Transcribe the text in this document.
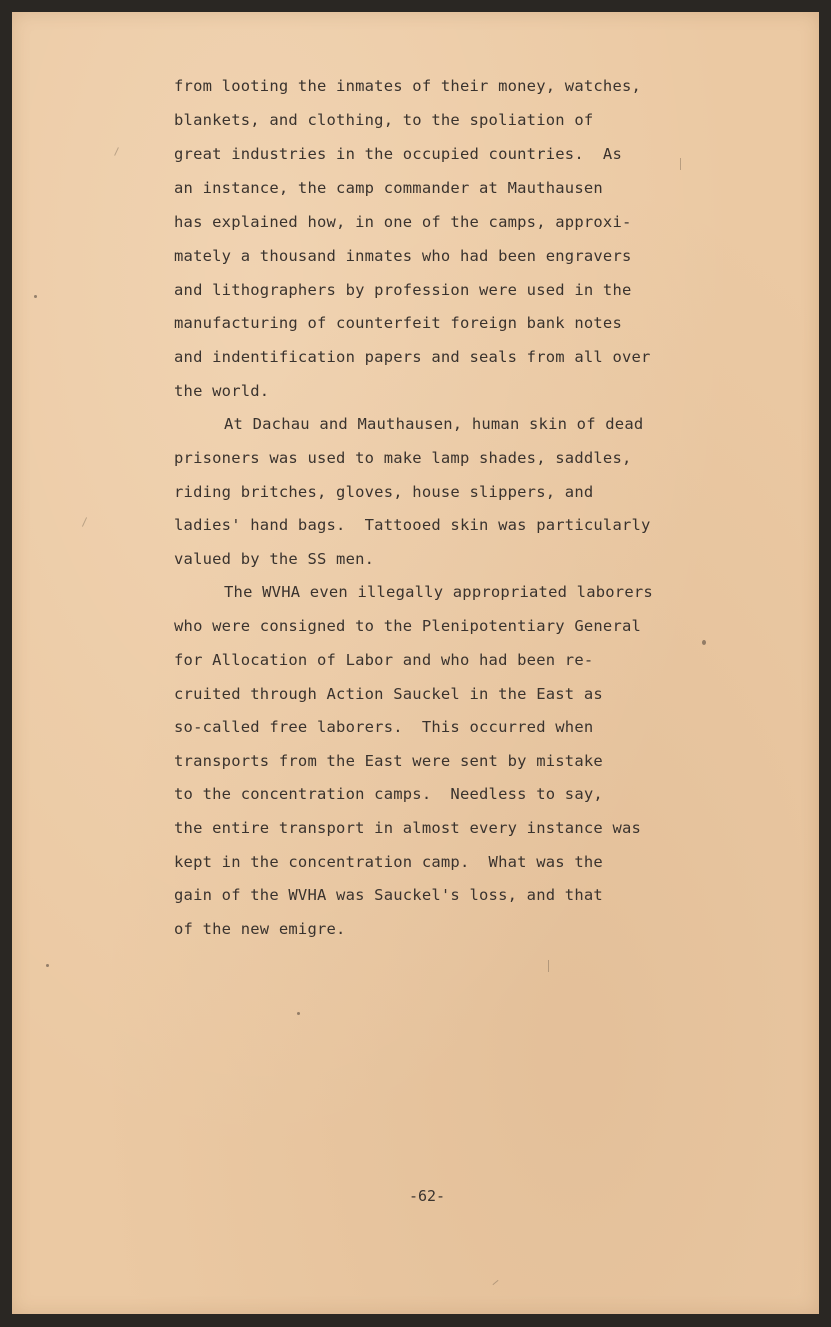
from looting the inmates of their money, watches,
blankets, and clothing, to the spoliation of
great industries in the occupied countries.  As
an instance, the camp commander at Mauthausen
has explained how, in one of the camps, approxi-
mately a thousand inmates who had been engravers
and lithographers by profession were used in the
manufacturing of counterfeit foreign bank notes
and indentification papers and seals from all over
the world.
At Dachau and Mauthausen, human skin of dead
prisoners was used to make lamp shades, saddles,
riding britches, gloves, house slippers, and
ladies' hand bags.  Tattooed skin was particularly
valued by the SS men.
The WVHA even illegally appropriated laborers
who were consigned to the Plenipotentiary General
for Allocation of Labor and who had been re-
cruited through Action Sauckel in the East as
so-called free laborers.  This occurred when
transports from the East were sent by mistake
to the concentration camps.  Needless to say,
the entire transport in almost every instance was
kept in the concentration camp.  What was the
gain of the WVHA was Sauckel's loss, and that
of the new emigre.
-62-
